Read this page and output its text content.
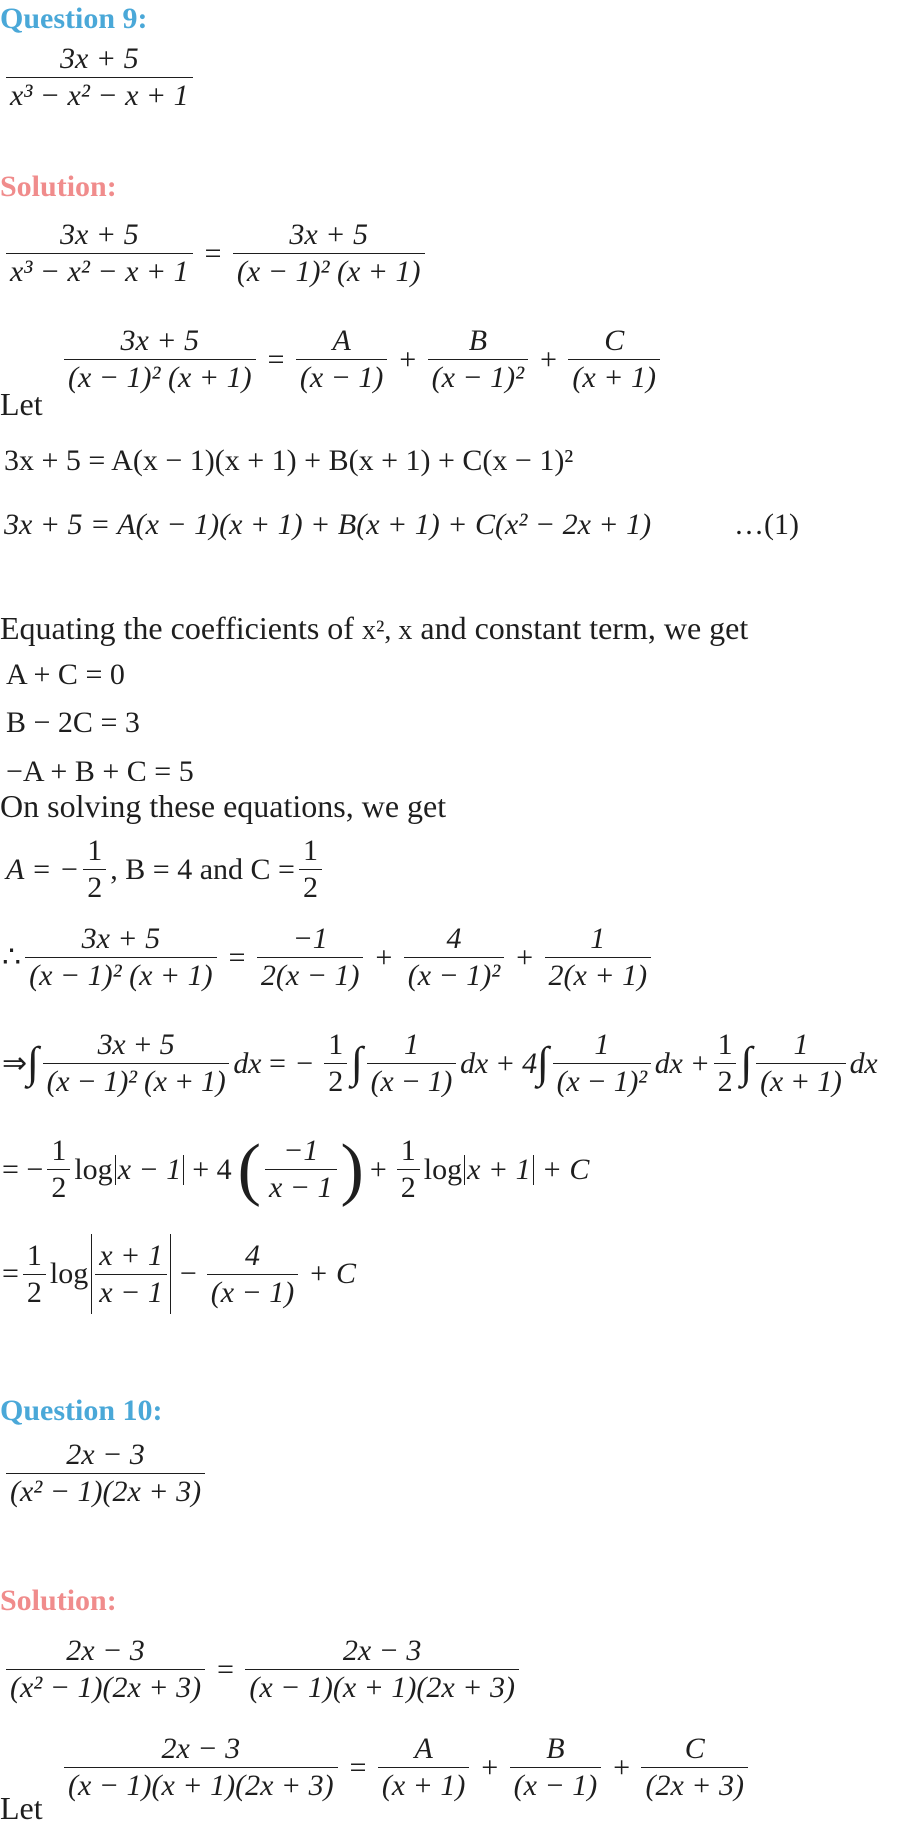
Question 9:
$\frac{3x + 5}{\text{x³ − x² − x + 1}}$
Solution:
$\frac{3x + 5}{\text{x³ − x² − x + 1}} = \frac{3x + 5}{\text{(x − 1)² (x + 1)}}$
Let
$\frac{3x + 5}{\text{(x − 1)² (x + 1)}} = \frac{A}{(x - 1)} + \frac{B}{\text{(x − 1)²}} + \frac{C}{(x + 1)}$
3x + 5 = A(x − 1)(x + 1) + B(x + 1) + C(x − 1)²
3x + 5 = A(x − 1)(x + 1) + B(x + 1) + C(x² − 2x + 1)	…(1)
Equating the coefficients of x², x and constant term, we get
A + C = 0
B − 2C = 3
−A + B + C = 5
On solving these equations, we get
A = − $\frac{1}{2}$ , B = 4 and $C = \frac{1}{2}$
∴ $\frac{3x + 5}{\text{(x − 1)² (x + 1)}} = \frac{-1}{2(x - 1)} + \frac{4}{\text{(x − 1)²}} + \frac{1}{2(x + 1)}$
⇒ ∫ $\frac{3x + 5}{\text{(x − 1)² (x + 1)}}$ dx = − $\frac{1}{2}$ ∫ $\frac{1}{(x - 1)}$ dx + 4 ∫ $\frac{1}{\text{(x − 1)²}}$ dx + $\frac{1}{2}$ ∫ $\frac{1}{(x + 1)}$ dx
= − $\frac{1}{2}$ log x − 1 + 4 ( $\frac{-1}{x - 1}$ ) + $\frac{1}{2}$ log x + 1 + C
= $\frac{1}{2}$ $\log \frac{x + 1}{x - 1} - \frac{4}{(x - 1)} + C$
Question 10:
$\frac{2x - 3}{\text{(x² − 1)(2x + 3)}}$
Solution:
$\frac{2x - 3}{\text{(x² − 1)(2x + 3)}} = \frac{2x - 3}{(x - 1)(x + 1)(2x + 3)}$
Let
$\frac{2x - 3}{(x - 1)(x + 1)(2x + 3)} = \frac{A}{(x + 1)} + \frac{B}{(x - 1)} + \frac{C}{(2x + 3)}$
